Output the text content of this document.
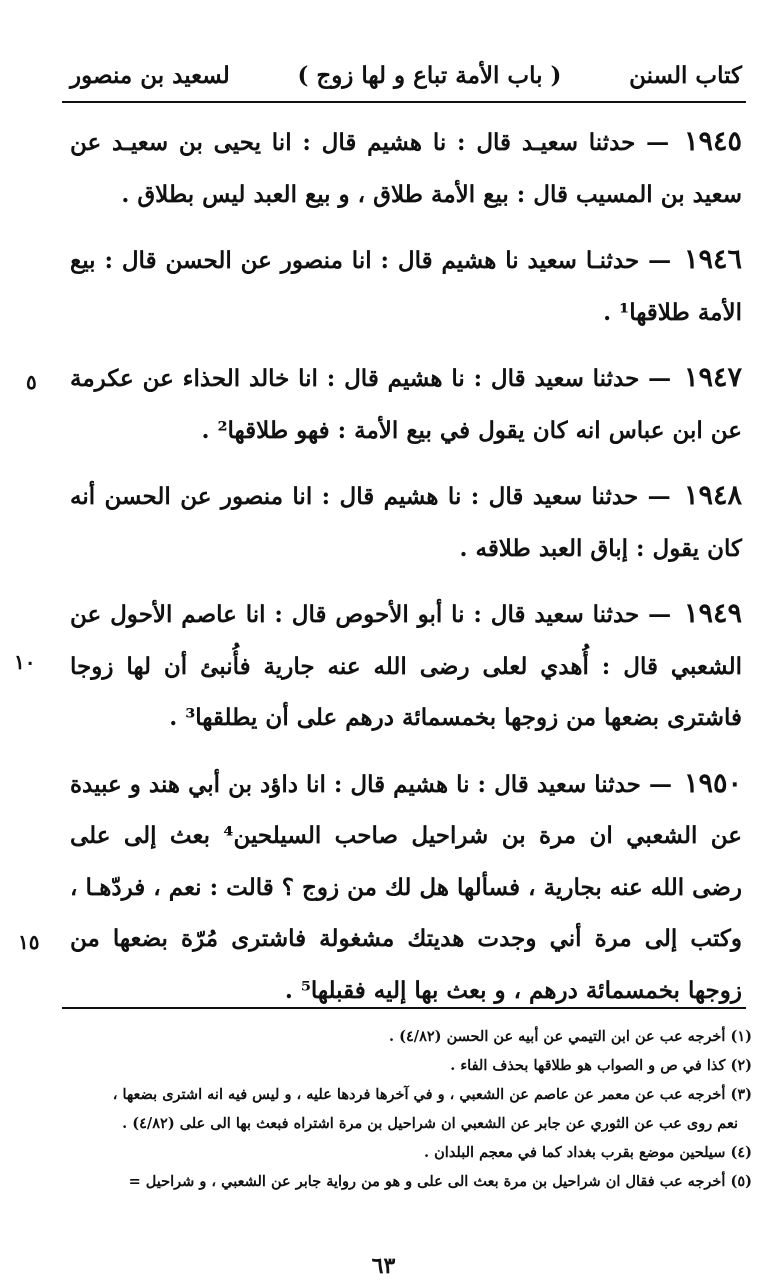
كتاب السنن
( باب الأمة تباع و لها زوج )
لسعيد بن منصور

١٩٤٥ — حدثنا سعيـد قال : نا هشيم قال : انا يحيى بن سعيـد عن سعيد بن المسيب قال : بيع الأمة طلاق ، و بيع العبد ليس بطلاق .

١٩٤٦ — حدثنـا سعيد نا هشيم قال : انا منصور عن الحسن قال : بيع الأمة طلاقها¹ .

١٩٤٧ — حدثنا سعيد قال : نا هشيم قال : انا خالد الحذاء عن عكرمة عن ابن عباس انه كان يقول في بيع الأمة : فهو طلاقها² .

١٩٤٨ — حدثنا سعيد قال : نا هشيم قال : انا منصور عن الحسن أنه كان يقول : إباق العبد طلاقه .

١٩٤٩ — حدثنا سعيد قال : نا أبو الأحوص قال : انا عاصم الأحول عن الشعبي قال : أُهدي لعلى رضى الله عنه جارية فأُنبئ أن لها زوجا فاشترى بضعها من زوجها بخمسمائة درهم على أن يطلقها³ .

١٩٥٠ — حدثنا سعيد قال : نا هشيم قال : انا داؤد بن أبي هند و عبيدة عن الشعبي ان مرة بن شراحيل صاحب السيلحين⁴ بعث إلى على رضى الله عنه بجارية ، فسألها هل لك من زوج ؟ قالت : نعم ، فردّهـا ، وكتب إلى مرة أني وجدت هديتك مشغولة فاشترى مُرّة بضعها من زوجها بخمسمائة درهم ، و بعث بها إليه فقبلها⁵ .

٥
١٠
١٥
(١) أخرجه عب عن ابن التيمي عن أبيه عن الحسن (٤/٨٢) .
(٢) كذا في ص و الصواب هو طلاقها بحذف الفاء .
(٣) أخرجه عب عن معمر عن عاصم عن الشعبي ، و في آخرها فردها عليه ، و ليس فيه انه اشترى بضعها ،
نعم روى عب عن الثوري عن جابر عن الشعبي ان شراحيل بن مرة اشتراه فبعث بها الى على (٤/٨٢) .
(٤) سيلحين موضع بقرب بغداد كما في معجم البلدان .
(٥) أخرجه عب فقال ان شراحيل بن مرة بعث الى على و هو من رواية جابر عن الشعبي ، و شراحيل =
٦٣
